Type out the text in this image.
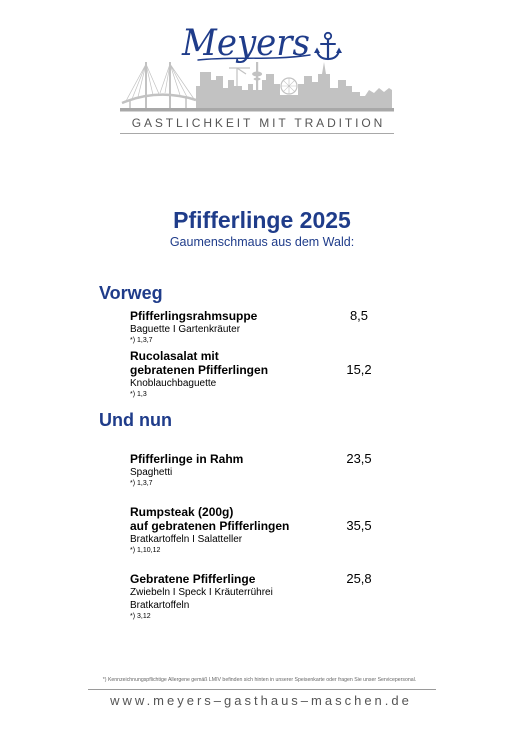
Meyers
GASTLICHKEIT MIT TRADITION
Pfifferlinge 2025
Gaumenschmaus aus dem Wald:
Vorweg
Pfifferlingsrahmsuppe	8,5
Baguette I Gartenkräuter
*) 1,3,7
Rucolasalat mit
gebratenen Pfifferlingen	15,2
Knoblauchbaguette
*) 1,3
Und nun
Pfifferlinge in Rahm	23,5
Spaghetti
*) 1,3,7
Rumpsteak (200g)
auf gebratenen Pfifferlingen	35,5
Bratkartoffeln I Salatteller
*) 1,10,12
Gebratene Pfifferlinge	25,8
Zwiebeln I Speck I Kräuterrührei
Bratkartoffeln
*) 3,12
*) Kennzeichnungspflichtige Allergene gemäß LMIV befinden sich hinten in unserer Speisenkarte oder fragen Sie unser Servicepersonal.
www.meyers–gasthaus–maschen.de
